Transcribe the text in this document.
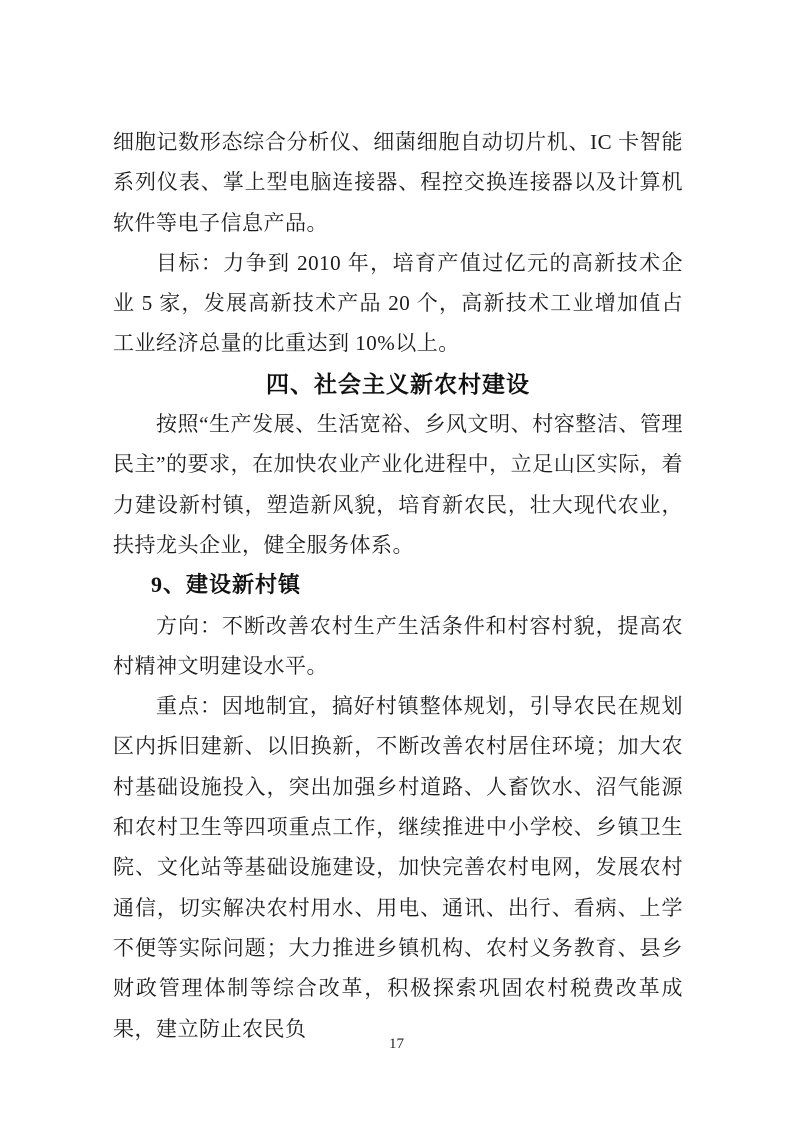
细胞记数形态综合分析仪、细菌细胞自动切片机、IC 卡智能系列仪表、掌上型电脑连接器、程控交换连接器以及计算机软件等电子信息产品。

目标：力争到 2010 年，培育产值过亿元的高新技术企业 5 家，发展高新技术产品 20 个，高新技术工业增加值占工业经济总量的比重达到 10%以上。

四、社会主义新农村建设

按照“生产发展、生活宽裕、乡风文明、村容整洁、管理民主”的要求，在加快农业产业化进程中，立足山区实际，着力建设新村镇，塑造新风貌，培育新农民，壮大现代农业，扶持龙头企业，健全服务体系。

9、建设新村镇

方向：不断改善农村生产生活条件和村容村貌，提高农村精神文明建设水平。

重点：因地制宜，搞好村镇整体规划，引导农民在规划区内拆旧建新、以旧换新，不断改善农村居住环境；加大农村基础设施投入，突出加强乡村道路、人畜饮水、沼气能源和农村卫生等四项重点工作，继续推进中小学校、乡镇卫生院、文化站等基础设施建设，加快完善农村电网，发展农村通信，切实解决农村用水、用电、通讯、出行、看病、上学不便等实际问题；大力推进乡镇机构、农村义务教育、县乡财政管理体制等综合改革，积极探索巩固农村税费改革成果，建立防止农民负

17
